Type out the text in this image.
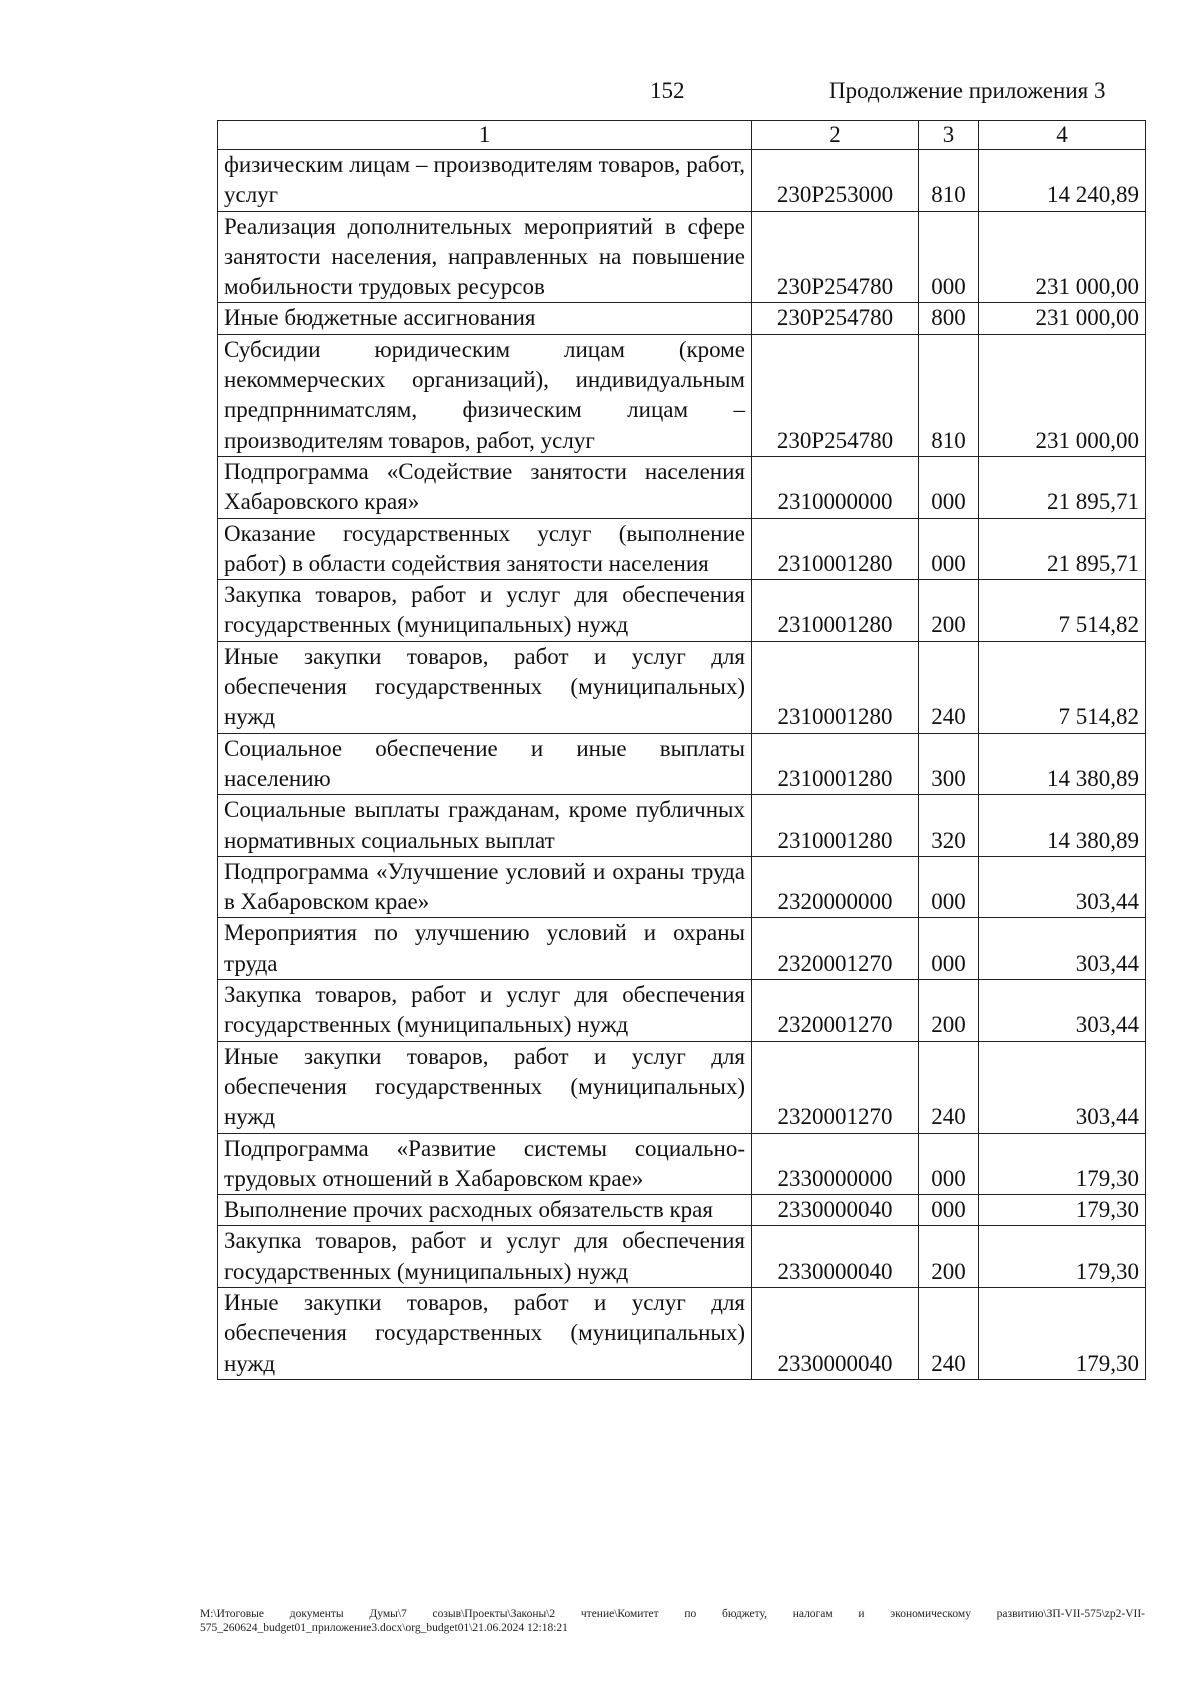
152	Продолжение приложения 3
1	2	3	4
физическим лицам – производителям товаров, работ, услуг	230P253000	810	14 240,89
Реализация дополнительных мероприятий в сфере занятости населения, направленных на повышение мобильности трудовых ресурсов	230P254780	000	231 000,00
Иные бюджетные ассигнования	230P254780	800	231 000,00
Субсидии юридическим лицам (кроме некоммерческих организаций), индивидуальным предпрнниматслям, физическим лицам – производителям товаров, работ, услуг	230P254780	810	231 000,00
Подпрограмма «Содействие занятости населения Хабаровского края»	2310000000	000	21 895,71
Оказание государственных услуг (выполнение работ) в области содействия занятости населения	2310001280	000	21 895,71
Закупка товаров, работ и услуг для обеспечения государственных (муниципальных) нужд	2310001280	200	7 514,82
Иные закупки товаров, работ и услуг для обеспечения государственных (муниципальных) нужд	2310001280	240	7 514,82
Социальное обеспечение и иные выплаты населению	2310001280	300	14 380,89
Социальные выплаты гражданам, кроме публичных нормативных социальных выплат	2310001280	320	14 380,89
Подпрограмма «Улучшение условий и охраны труда в Хабаровском крае»	2320000000	000	303,44
Мероприятия по улучшению условий и охраны труда	2320001270	000	303,44
Закупка товаров, работ и услуг для обеспечения государственных (муниципальных) нужд	2320001270	200	303,44
Иные закупки товаров, работ и услуг для обеспечения государственных (муниципальных) нужд	2320001270	240	303,44
Подпрограмма «Развитие системы социально-трудовых отношений в Хабаровском крае»	2330000000	000	179,30
Выполнение прочих расходных обязательств края	2330000040	000	179,30
Закупка товаров, работ и услуг для обеспечения государственных (муниципальных) нужд	2330000040	200	179,30
Иные закупки товаров, работ и услуг для обеспечения государственных (муниципальных) нужд	2330000040	240	179,30
M:\Итоговые документы Думы\7 созыв\Проекты\Законы\2 чтение\Комитет по бюджету, налогам и экономическому развитию\ЗП-VII-575\zp2-VII-575_260624_budget01_приложение3.docx\org_budget01\21.06.2024 12:18:21
